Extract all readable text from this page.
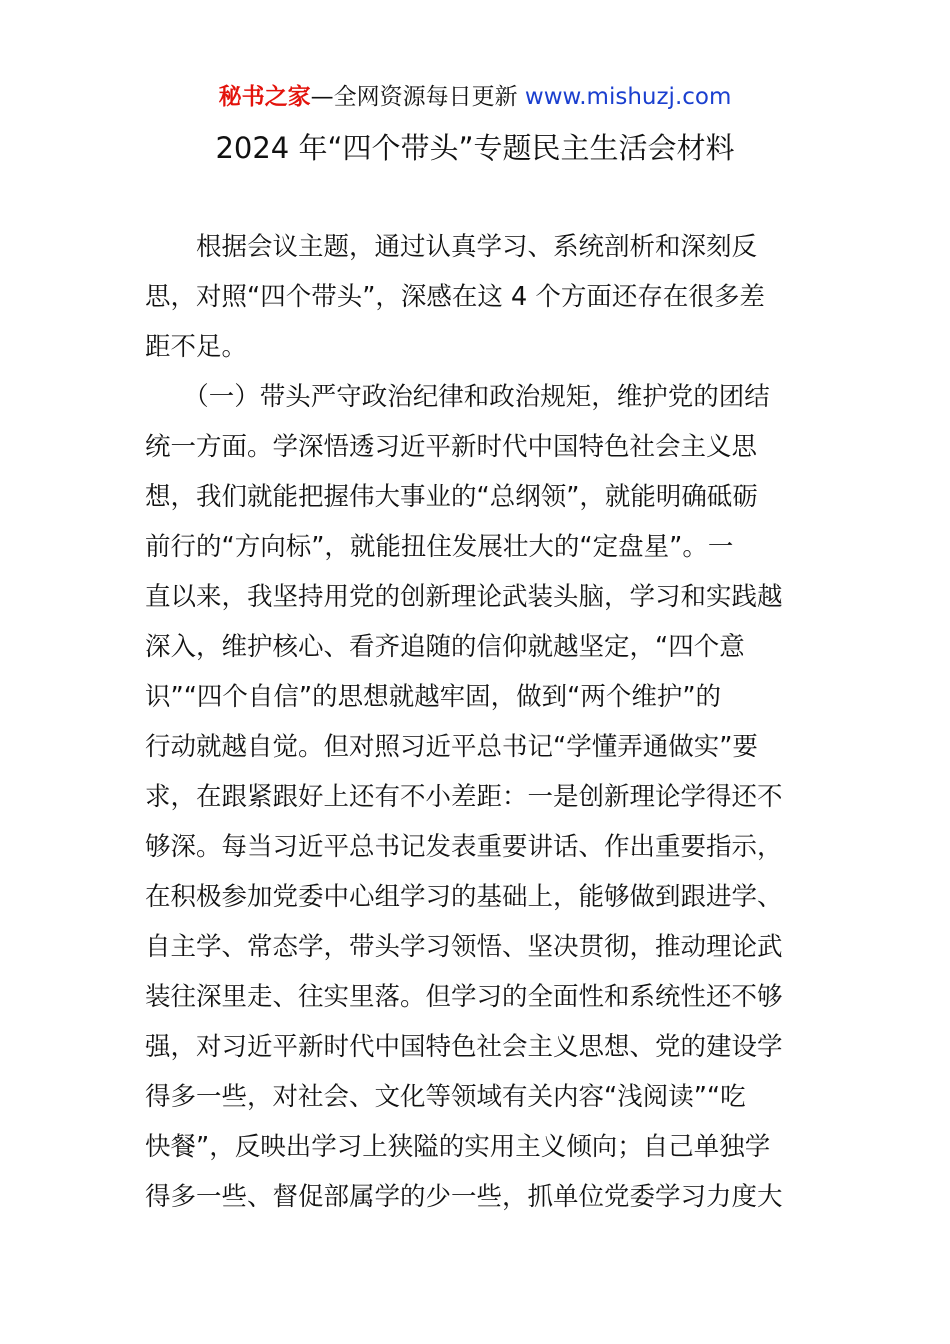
秘书之家—全网资源每日更新 www.mishuzj.com
2024 年“四个带头”专题民主生活会材料
　　根据会议主题，通过认真学习、系统剖析和深刻反
思，对照“四个带头”，深感在这 4 个方面还存在很多差
距不足。
　　（一）带头严守政治纪律和政治规矩，维护党的团结
统一方面。学深悟透习近平新时代中国特色社会主义思
想，我们就能把握伟大事业的“总纲领”，就能明确砥砺
前行的“方向标”，就能扭住发展壮大的“定盘星”。一
直以来，我坚持用党的创新理论武装头脑，学习和实践越
深入，维护核心、看齐追随的信仰就越坚定，“四个意
识”“四个自信”的思想就越牢固，做到“两个维护”的
行动就越自觉。但对照习近平总书记“学懂弄通做实”要
求，在跟紧跟好上还有不小差距：一是创新理论学得还不
够深。每当习近平总书记发表重要讲话、作出重要指示，
在积极参加党委中心组学习的基础上，能够做到跟进学、
自主学、常态学，带头学习领悟、坚决贯彻，推动理论武
装往深里走、往实里落。但学习的全面性和系统性还不够
强，对习近平新时代中国特色社会主义思想、党的建设学
得多一些，对社会、文化等领域有关内容“浅阅读”“吃
快餐”，反映出学习上狭隘的实用主义倾向；自己单独学
得多一些、督促部属学的少一些，抓单位党委学习力度大
